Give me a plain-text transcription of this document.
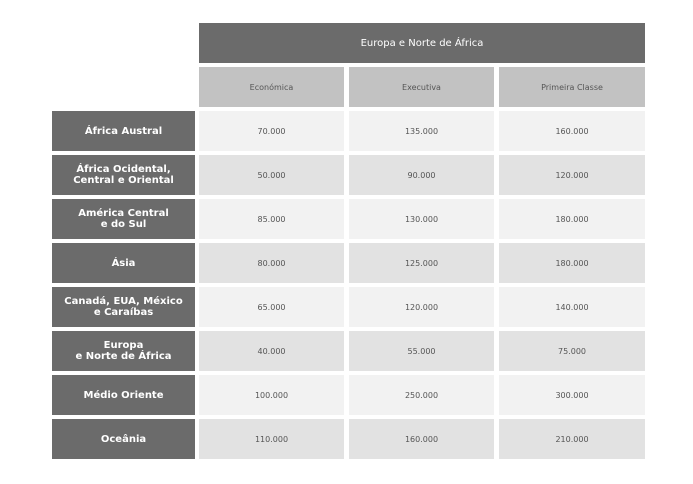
Europa e Norte de África
Económica	Executiva	Primeira Classe
África Austral	70.000	135.000	160.000
África Ocidental,
Central e Oriental	50.000	90.000	120.000
América Central
e do Sul	85.000	130.000	180.000
Ásia	80.000	125.000	180.000
Canadá, EUA, México
e Caraíbas	65.000	120.000	140.000
Europa
e Norte de África	40.000	55.000	75.000
Médio Oriente	100.000	250.000	300.000
Oceânia	110.000	160.000	210.000
